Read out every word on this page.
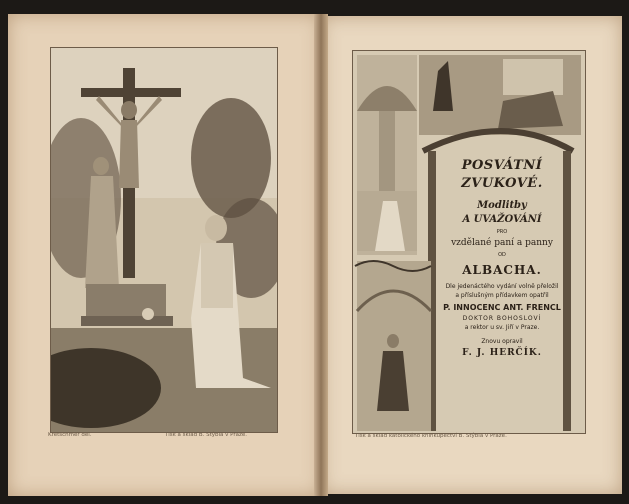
Kretschmer del.	Tisk a sklad B. Stýbla v Praze.
POSVÁTNÍ
ZVUKOVÉ.
Modlitby
A UVAŽOVÁNÍ
PRO
vzdělané paní a panny
OD
ALBACHA.
Dle jedenáctého vydání volně přeložil
a příslušným přídavkem opatřil
P. INNOCENC ANT. FRENCL
DOKTOR BOHOSLOVÍ
a rektor u sv. Jiří v Praze.
Znovu opravil
F. J. HERČÍK.
Tisk a sklad katolického knihkupectví B. Stýbla v Praze.
